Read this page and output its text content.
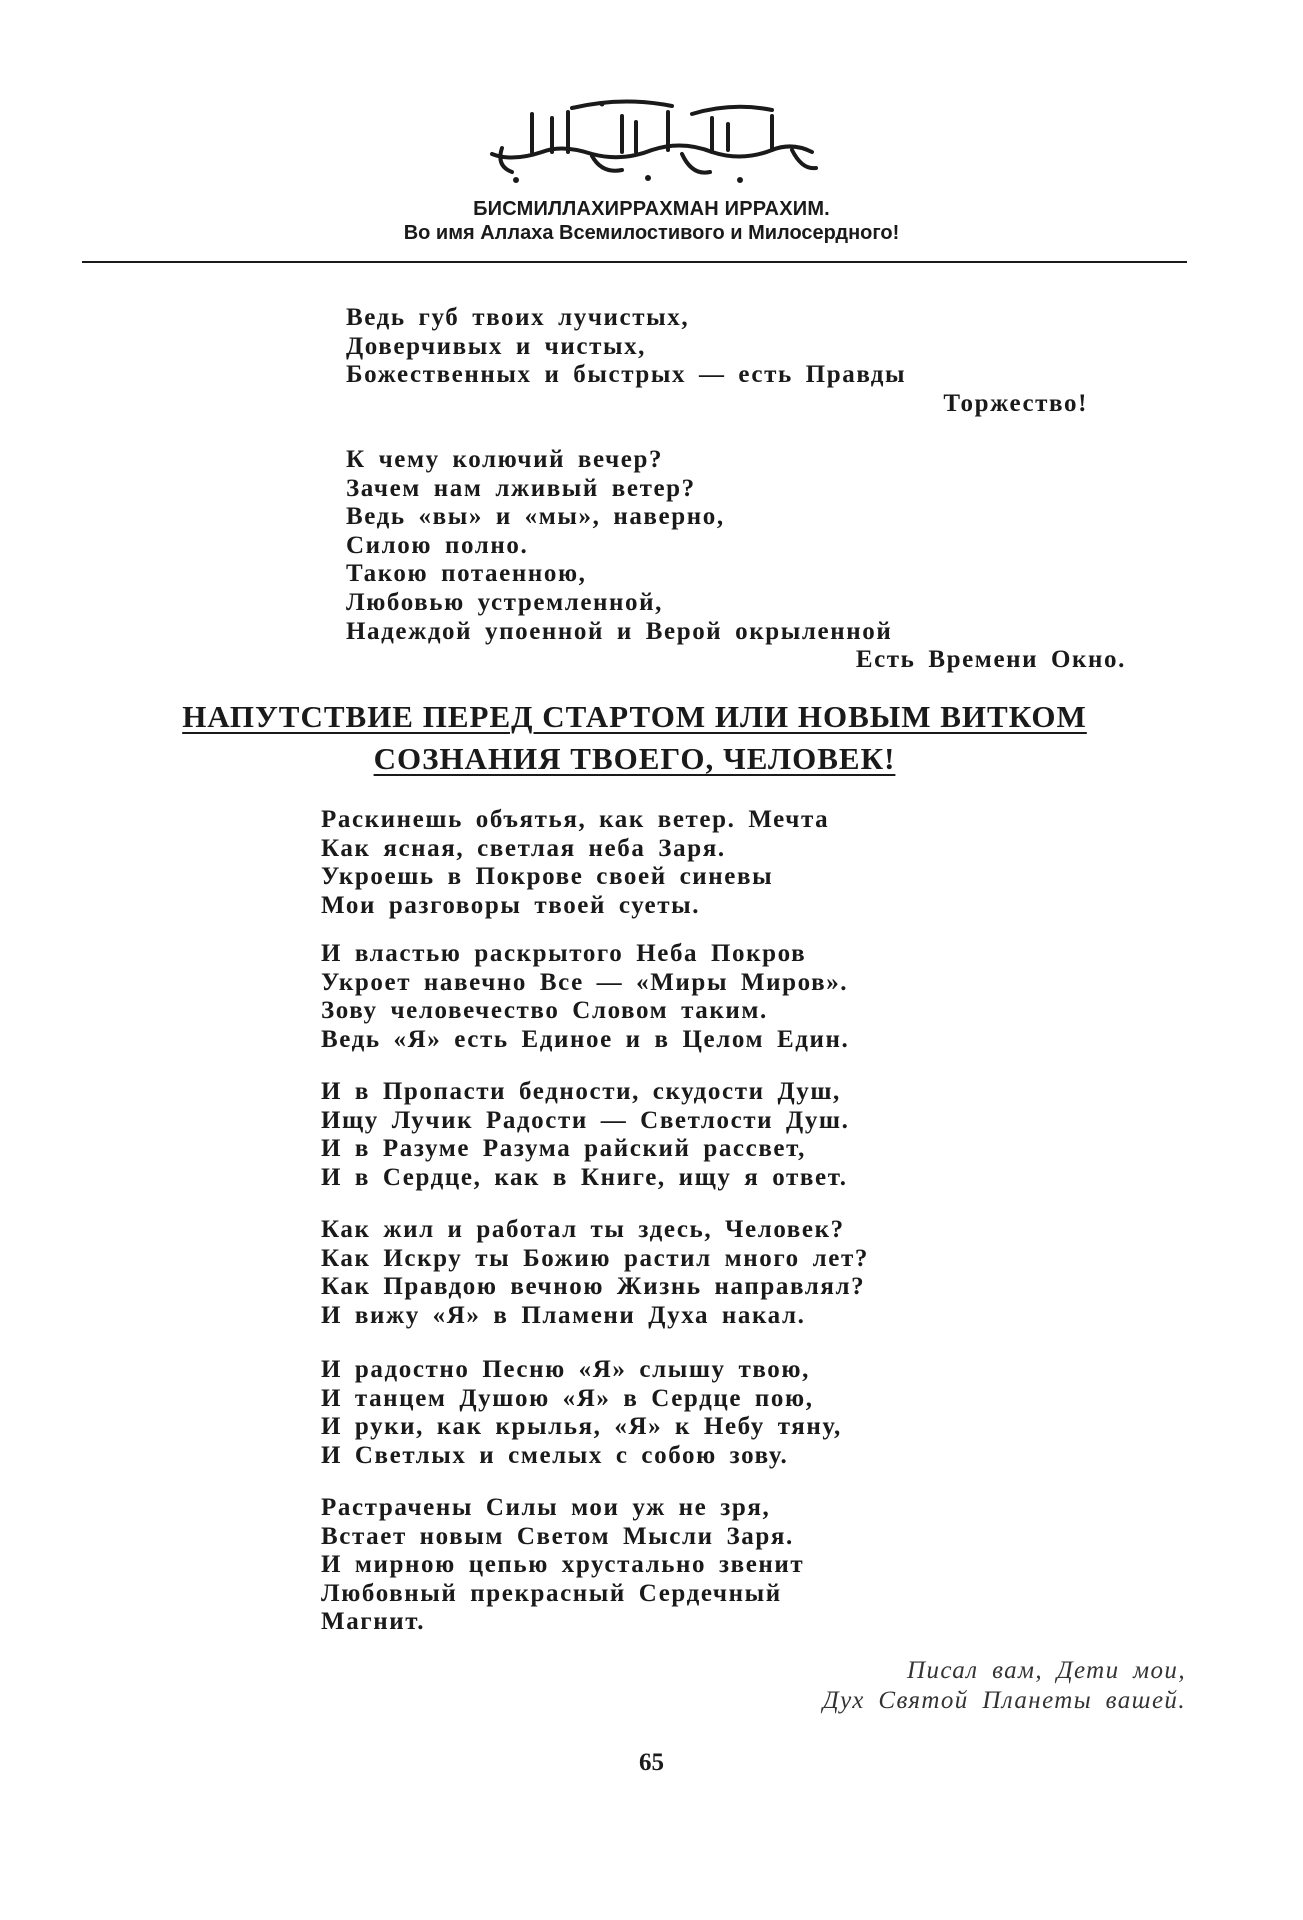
БИСМИЛЛАХИРРАХМАН ИРРАХИМ.
Во имя Аллаха Всемилостивого и Милосердного!
Ведь губ твоих лучистых,
Доверчивых и чистых,
Божественных и быстрых — есть Правды
Торжество!
К чему колючий вечер?
Зачем нам лживый ветер?
Ведь «вы» и «мы», наверно,
Силою полно.
Такою потаенною,
Любовью устремленной,
Надеждой упоенной и Верой окрыленной
Есть Времени Окно.
НАПУТСТВИЕ ПЕРЕД СТАРТОМ ИЛИ НОВЫМ ВИТКОМ
СОЗНАНИЯ ТВОЕГО, ЧЕЛОВЕК!
Раскинешь объятья, как ветер. Мечта
Как ясная, светлая неба Заря.
Укроешь в Покрове своей синевы
Мои разговоры твоей суеты.
И властью раскрытого Неба Покров
Укроет навечно Все — «Миры Миров».
Зову человечество Словом таким.
Ведь «Я» есть Единое и в Целом Един.
И в Пропасти бедности, скудости Душ,
Ищу Лучик Радости — Светлости Душ.
И в Разуме Разума райский рассвет,
И в Сердце, как в Книге, ищу я ответ.
Как жил и работал ты здесь, Человек?
Как Искру ты Божию растил много лет?
Как Правдою вечною Жизнь направлял?
И вижу «Я» в Пламени Духа накал.
И радостно Песню «Я» слышу твою,
И танцем Душою «Я» в Сердце пою,
И руки, как крылья, «Я» к Небу тяну,
И Светлых и смелых с собою зову.
Растрачены Силы мои уж не зря,
Встает новым Светом Мысли Заря.
И мирною цепью хрустально звенит
Любовный прекрасный Сердечный
Магнит.
Писал вам, Дети мои,
Дух Святой Планеты вашей.
65
